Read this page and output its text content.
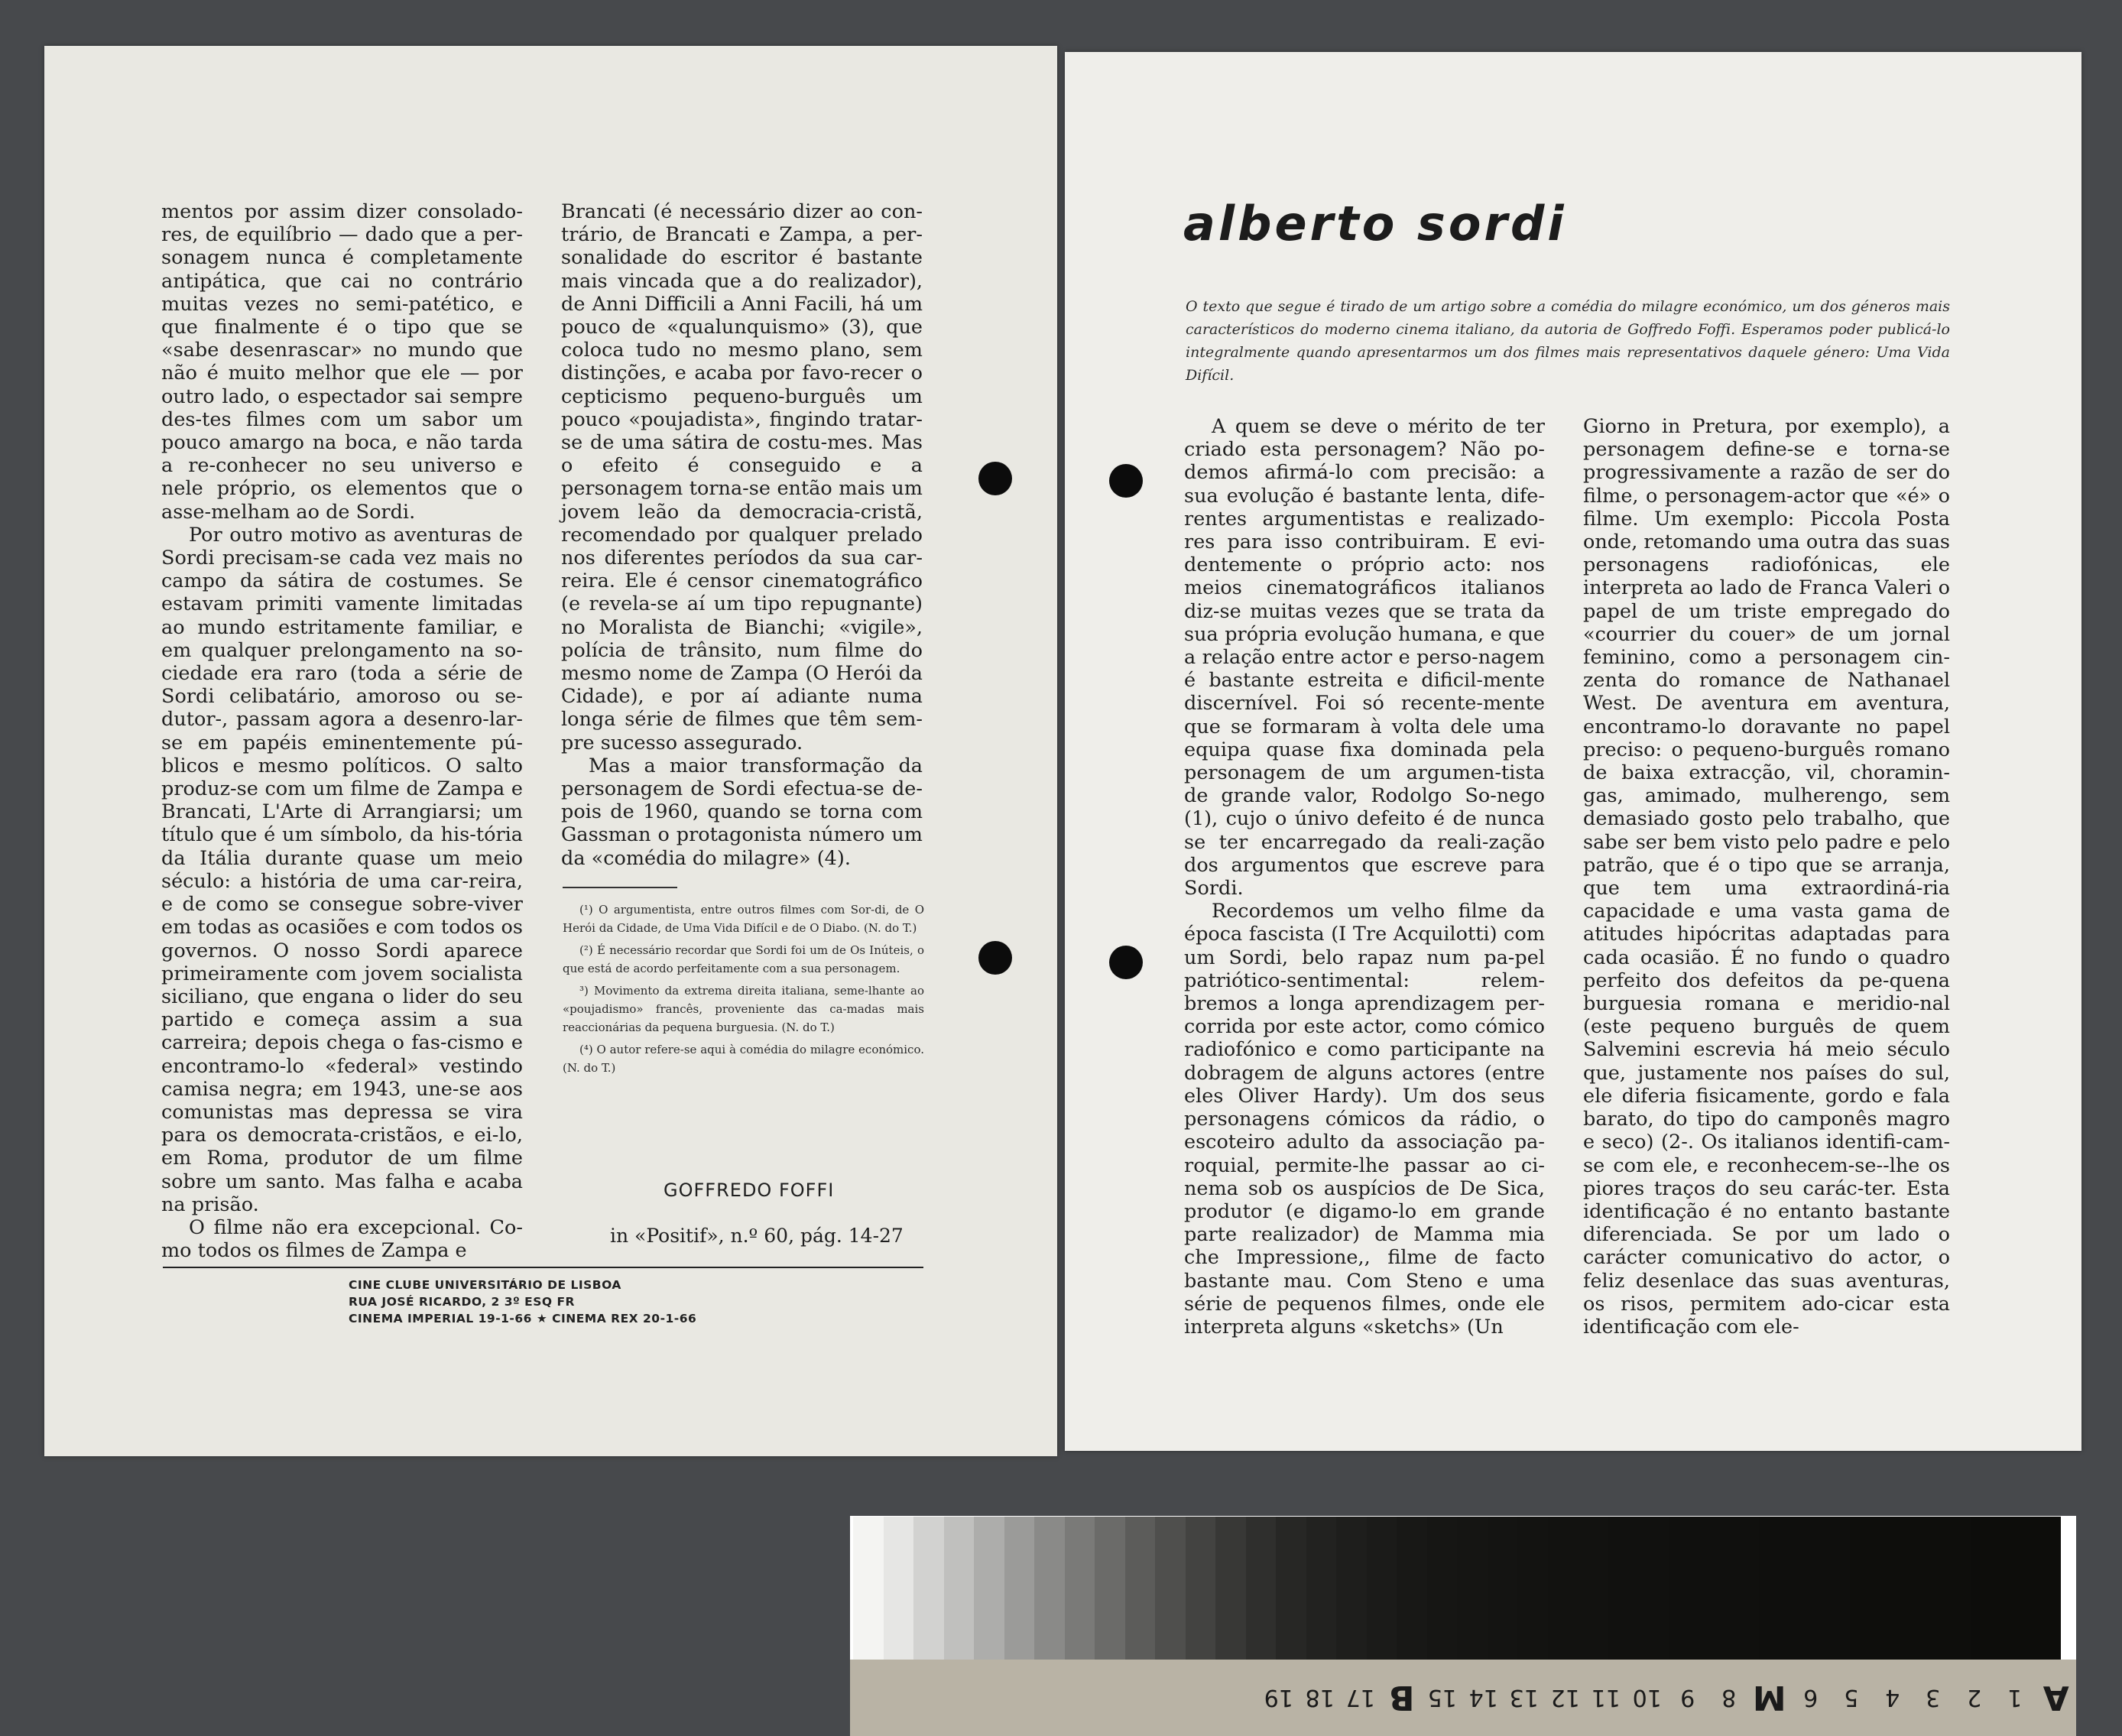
mentos por assim dizer consolado-res, de equilíbrio — dado que a per-sonagem nunca é completamente antipática, que cai no contrário muitas vezes no semi-patético, e que finalmente é o tipo que se «sabe desenrascar» no mundo que não é muito melhor que ele — por outro lado, o espectador sai sempre des-tes filmes com um sabor um pouco amargo na boca, e não tarda a re-conhecer no seu universo e nele próprio, os elementos que o asse-melham ao de Sordi.

Por outro motivo as aventuras de Sordi precisam-se cada vez mais no campo da sátira de costumes. Se estavam primiti vamente limitadas ao mundo estritamente familiar, e em qualquer prelongamento na so-ciedade era raro (toda a série de Sordi celibatário, amoroso ou se-dutor-, passam agora a desenro-lar-se em papéis eminentemente pú-blicos e mesmo políticos. O salto produz-se com um filme de Zampa e Brancati, L'Arte di Arrangiarsi; um título que é um símbolo, da his-tória da Itália durante quase um meio século: a história de uma car-reira, e de como se consegue sobre-viver em todas as ocasiões e com todos os governos. O nosso Sordi aparece primeiramente com jovem socialista siciliano, que engana o lider do seu partido e começa assim a sua carreira; depois chega o fas-cismo e encontramo-lo «federal» vestindo camisa negra; em 1943, une-se aos comunistas mas depressa se vira para os democrata-cristãos, e ei-lo, em Roma, produtor de um filme sobre um santo. Mas falha e acaba na prisão.

O filme não era excepcional. Co-mo todos os filmes de Zampa e

Brancati (é necessário dizer ao con-trário, de Brancati e Zampa, a per-sonalidade do escritor é bastante mais vincada que a do realizador), de Anni Difficili a Anni Facili, há um pouco de «qualunquismo» (3), que coloca tudo no mesmo plano, sem distinções, e acaba por favo-recer o cepticismo pequeno-burguês um pouco «poujadista», fingindo tratar-se de uma sátira de costu-mes. Mas o efeito é conseguido e a personagem torna-se então mais um jovem leão da democracia-cristã, recomendado por qualquer prelado nos diferentes períodos da sua car-reira. Ele é censor cinematográfico (e revela-se aí um tipo repugnante) no Moralista de Bianchi; «vigile», polícia de trânsito, num filme do mesmo nome de Zampa (O Herói da Cidade), e por aí adiante numa longa série de filmes que têm sem-pre sucesso assegurado.

Mas a maior transformação da personagem de Sordi efectua-se de-pois de 1960, quando se torna com Gassman o protagonista número um da «comédia do milagre» (4).

(¹) O argumentista, entre outros filmes com Sor-di, de O Herói da Cidade, de Uma Vida Difícil e de O Diabo. (N. do T.)

(²) É necessário recordar que Sordi foi um de Os Inúteis, o que está de acordo perfeitamente com a sua personagem.

³) Movimento da extrema direita italiana, seme-lhante ao «poujadismo» francês, proveniente das ca-madas mais reaccionárias da pequena burguesia. (N. do T.)

(⁴) O autor refere-se aqui à comédia do milagre económico. (N. do T.)

GOFFREDO FOFFI
in «Positif», n.º 60, pág. 14-27
CINE CLUBE UNIVERSITÁRIO DE LISBOA
RUA JOSÉ RICARDO, 2 3º ESQ FR
CINEMA IMPERIAL 19-1-66 ★ CINEMA REX 20-1-66
alberto sordi
O texto que segue é tirado de um artigo sobre a comédia do milagre económico, um dos géneros mais característicos do moderno cinema italiano, da autoria de Goffredo Foffi. Esperamos poder publicá-lo integralmente quando apresentarmos um dos filmes mais representativos daquele género: Uma Vida Difícil.

A quem se deve o mérito de ter criado esta personagem? Não po-demos afirmá-lo com precisão: a sua evolução é bastante lenta, dife-rentes argumentistas e realizado-res para isso contribuiram. E evi-dentemente o próprio acto: nos meios cinematográficos italianos diz-se muitas vezes que se trata da sua própria evolução humana, e que a relação entre actor e perso-nagem é bastante estreita e dificil-mente discernível. Foi só recente-mente que se formaram à volta dele uma equipa quase fixa dominada pela personagem de um argumen-tista de grande valor, Rodolgo So-nego (1), cujo o únivo defeito é de nunca se ter encarregado da reali-zação dos argumentos que escreve para Sordi.

Recordemos um velho filme da época fascista (I Tre Acquilotti) com um Sordi, belo rapaz num pa-pel patriótico-sentimental: relem-bremos a longa aprendizagem per-corrida por este actor, como cómico radiofónico e como participante na dobragem de alguns actores (entre eles Oliver Hardy). Um dos seus personagens cómicos da rádio, o escoteiro adulto da associação pa-roquial, permite-lhe passar ao ci-nema sob os auspícios de De Sica, produtor (e digamo-lo em grande parte realizador) de Mamma mia che Impressione,, filme de facto bastante mau. Com Steno e uma série de pequenos filmes, onde ele interpreta alguns «sketchs» (Un

Giorno in Pretura, por exemplo), a personagem define-se e torna-se progressivamente a razão de ser do filme, o personagem-actor que «é» o filme. Um exemplo: Piccola Posta onde, retomando uma outra das suas personagens radiofónicas, ele interpreta ao lado de Franca Valeri o papel de um triste empregado do «courrier du couer» de um jornal feminino, como a personagem cin-zenta do romance de Nathanael West. De aventura em aventura, encontramo-lo doravante no papel preciso: o pequeno-burguês romano de baixa extracção, vil, choramin-gas, amimado, mulherengo, sem demasiado gosto pelo trabalho, que sabe ser bem visto pelo padre e pelo patrão, que é o tipo que se arranja, que tem uma extraordiná-ria capacidade e uma vasta gama de atitudes hipócritas adaptadas para cada ocasião. É no fundo o quadro perfeito dos defeitos da pe-quena burguesia romana e meridio-nal (este pequeno burguês de quem Salvemini escrevia há meio século que, justamente nos países do sul, ele diferia fisicamente, gordo e fala barato, do tipo do camponês magro e seco) (2-. Os italianos identifi-cam-se com ele, e reconhecem-se--lhe os piores traços do seu carác-ter. Esta identificação é no entanto bastante diferenciada. Se por um lado o carácter comunicativo do actor, o feliz desenlace das suas aventuras, os risos, permitem ado-cicar esta identificação com ele-

A
1
2
3
4
5
6
M
8
9
10
11
12
13
14
15
B
17
18
19
